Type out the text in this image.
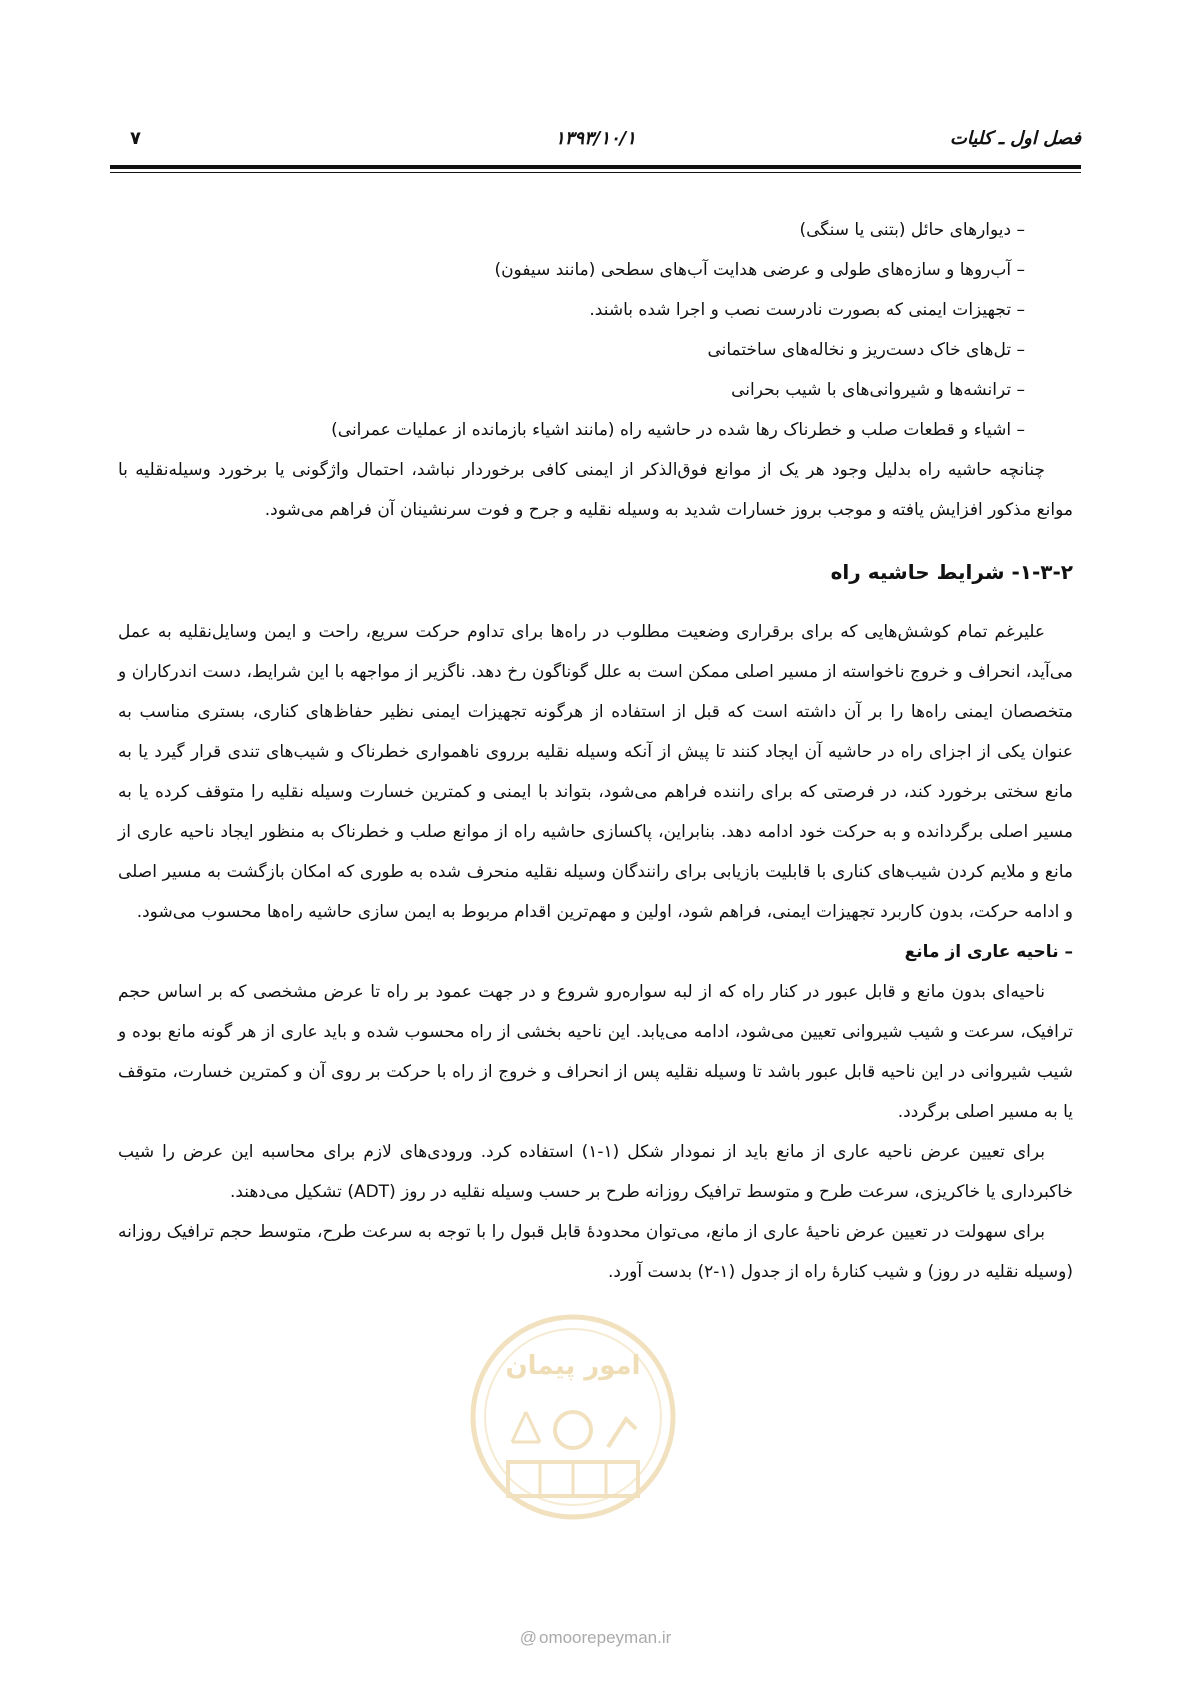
فصل اول ـ کلیات
۱۳۹۳/۱۰/۱
۷

– دیوارهای حائل (بتنی یا سنگی)

– آب‌روها و سازه‌های طولی و عرضی هدایت آب‌های سطحی (مانند سیفون)

– تجهیزات ایمنی که بصورت نادرست نصب و اجرا شده باشند.

– تل‌های خاک دست‌ریز و نخاله‌های ساختمانی

– ترانشه‌ها و شیروانی‌های با شیب بحرانی

– اشیاء و قطعات صلب و خطرناک رها شده در حاشیه راه (مانند اشیاء بازمانده از عملیات عمرانی)

چنانچه حاشیه راه بدلیل وجود هر یک از موانع فوق‌الذکر از ایمنی کافی برخوردار نباشد، احتمال واژگونی یا برخورد وسیله‌نقلیه با موانع مذکور افزایش یافته و موجب بروز خسارات شدید به وسیله نقلیه و جرح و فوت سرنشینان آن فراهم می‌شود.

۱-۳-۲- شرایط حاشیه راه

علیرغم تمام کوشش‌هایی که برای برقراری وضعیت مطلوب در راه‌ها برای تداوم حرکت سریع، راحت و ایمن وسایل‌نقلیه به عمل می‌آید، انحراف و خروج ناخواسته از مسیر اصلی ممکن است به علل گوناگون رخ دهد. ناگزیر از مواجهه با این شرایط، دست اندرکاران و متخصصان ایمنی راه‌ها را بر آن داشته است که قبل از استفاده از هرگونه تجهیزات ایمنی نظیر حفاظ‌های کناری، بستری مناسب به عنوان یکی از اجزای راه در حاشیه آن ایجاد کنند تا پیش از آنکه وسیله نقلیه برروی ناهمواری خطرناک و شیب‌های تندی قرار گیرد یا به مانع سختی برخورد کند، در فرصتی که برای راننده فراهم می‌شود، بتواند با ایمنی و کمترین خسارت وسیله نقلیه را متوقف کرده یا به مسیر اصلی برگردانده و به حرکت خود ادامه دهد. بنابراین، پاکسازی حاشیه راه از موانع صلب و خطرناک به منظور ایجاد ناحیه عاری از مانع و ملایم کردن شیب‌های کناری با قابلیت بازیابی برای رانندگان وسیله نقلیه منحرف شده به طوری که امکان بازگشت به مسیر اصلی و ادامه حرکت، بدون کاربرد تجهیزات ایمنی، فراهم شود، اولین و مهم‌ترین اقدام مربوط به ایمن سازی حاشیه راه‌ها محسوب می‌شود.

– ناحیه عاری از مانع

ناحیه‌ای بدون مانع و قابل عبور در کنار راه که از لبه سواره‌رو شروع و در جهت عمود بر راه تا عرض مشخصی که بر اساس حجم ترافیک، سرعت و شیب شیروانی تعیین می‌شود، ادامه می‌یابد. این ناحیه بخشی از راه محسوب شده و باید عاری از هر گونه مانع بوده و شیب شیروانی در این ناحیه قابل عبور باشد تا وسیله نقلیه پس از انحراف و خروج از راه با حرکت بر روی آن و کمترین خسارت، متوقف یا به مسیر اصلی برگردد.

برای تعیین عرض ناحیه عاری از مانع باید از نمودار شکل (۱-۱) استفاده کرد. ورودی‌های لازم برای محاسبه این عرض را شیب خاکبرداری یا خاکریزی، سرعت طرح و متوسط ترافیک روزانه طرح بر حسب وسیله نقلیه در روز (ADT) تشکیل می‌دهند.

برای سهولت در تعیین عرض ناحیهٔ عاری از مانع، می‌توان محدودهٔ قابل قبول را با توجه به سرعت طرح، متوسط حجم ترافیک روزانه (وسیله نقلیه در روز) و شیب کنارهٔ راه از جدول (۱-۲) بدست آورد.

امور پیمان
@ omoorepeyman.ir
